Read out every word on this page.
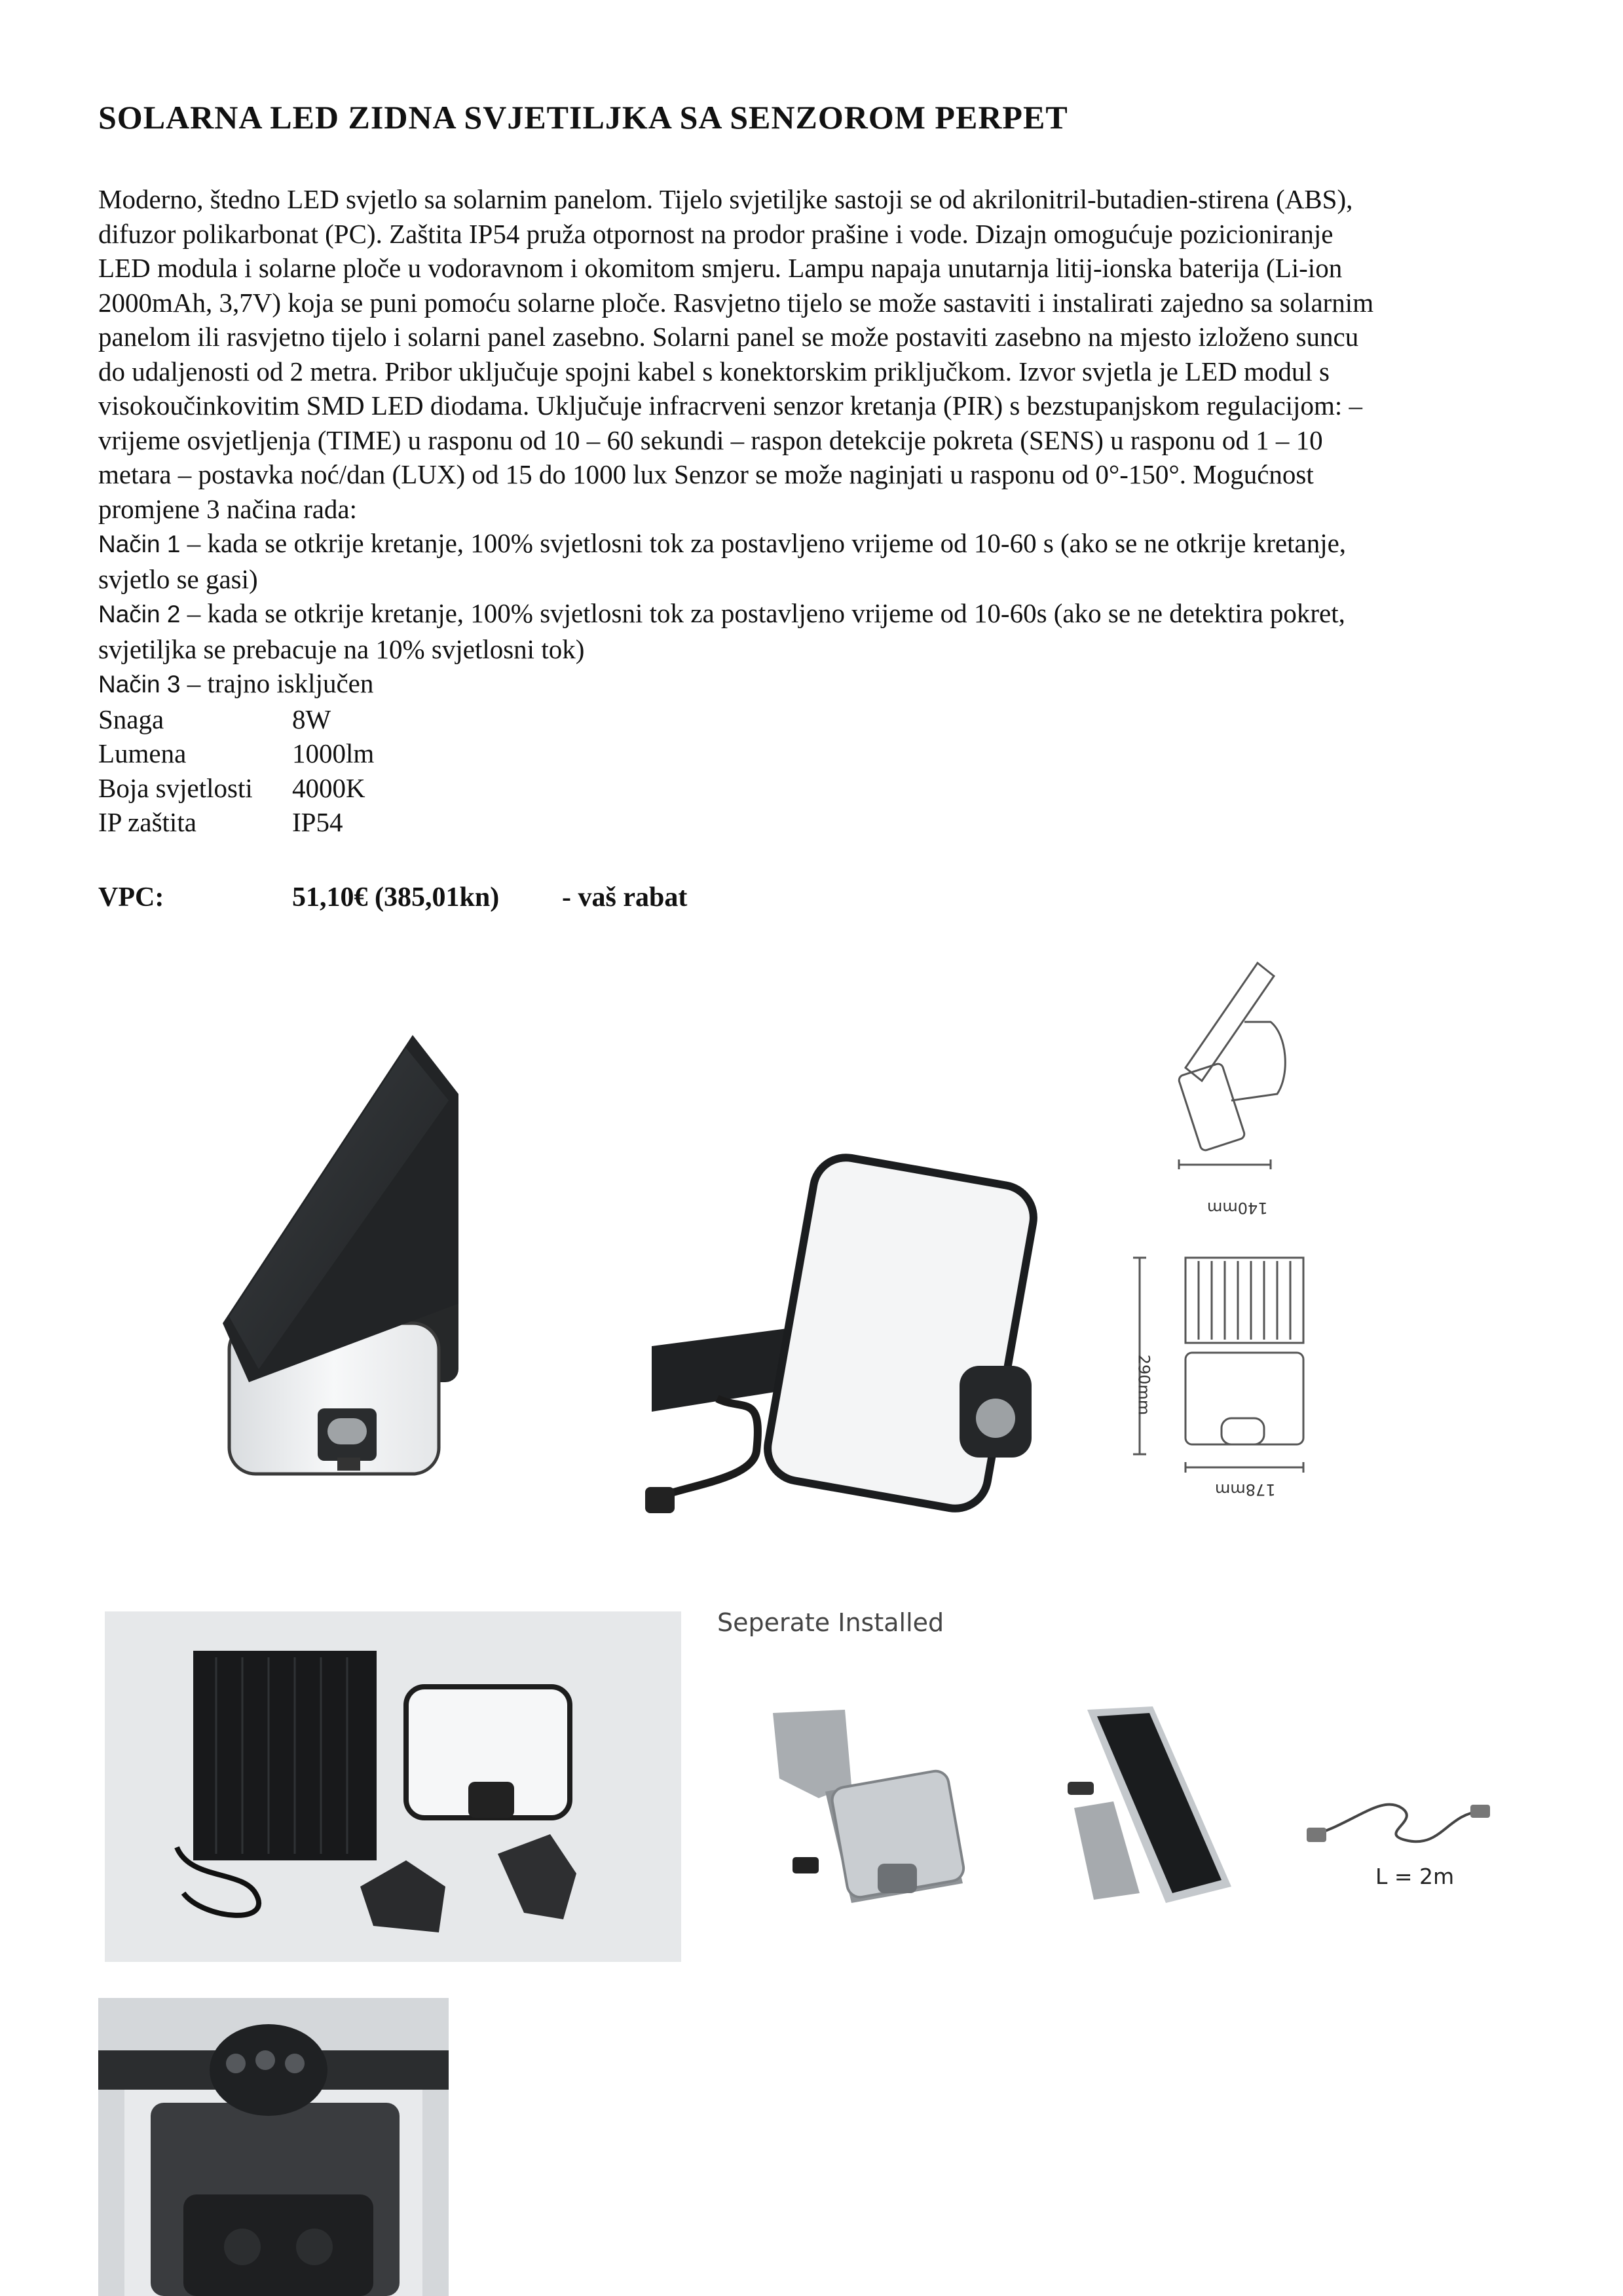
SOLARNA LED ZIDNA SVJETILJKA SA SENZOROM PERPET

Moderno, štedno LED svjetlo sa solarnim panelom. Tijelo svjetiljke sastoji se od akrilonitril-butadien-stirena (ABS),

difuzor polikarbonat (PC). Zaštita IP54 pruža otpornost na prodor prašine i vode. Dizajn omogućuje pozicioniranje

LED modula i solarne ploče u vodoravnom i okomitom smjeru. Lampu napaja unutarnja litij-ionska baterija (Li-ion

2000mAh, 3,7V) koja se puni pomoću solarne ploče. Rasvjetno tijelo se može sastaviti i instalirati zajedno sa solarnim

panelom ili rasvjetno tijelo i solarni panel zasebno. Solarni panel se može postaviti zasebno na mjesto izloženo suncu

do udaljenosti od 2 metra. Pribor uključuje spojni kabel s konektorskim priključkom. Izvor svjetla je LED modul s

visokoučinkovitim SMD LED diodama. Uključuje infracrveni senzor kretanja (PIR) s bezstupanjskom regulacijom: –

vrijeme osvjetljenja (TIME) u rasponu od 10 – 60 sekundi – raspon detekcije pokreta (SENS) u rasponu od 1 – 10

metara – postavka noć/dan (LUX) od 15 do 1000 lux Senzor se može naginjati u rasponu od 0°-150°. Mogućnost

promjene 3 načina rada:

Način 1 – kada se otkrije kretanje, 100% svjetlosni tok za postavljeno vrijeme od 10-60 s (ako se ne otkrije kretanje,

svjetlo se gasi)

Način 2 – kada se otkrije kretanje, 100% svjetlosni tok za postavljeno vrijeme od 10-60s (ako se ne detektira pokret,

svjetiljka se prebacuje na 10% svjetlosni tok)

Način 3 – trajno isključen

Snaga	8W
Lumena	1000lm
Boja svjetlosti	4000K
IP zaštita	IP54
VPC:	51,10€ (385,01kn)	- vaš rabat
140mm
290mm
178mm
Seperate Installed
L = 2m
